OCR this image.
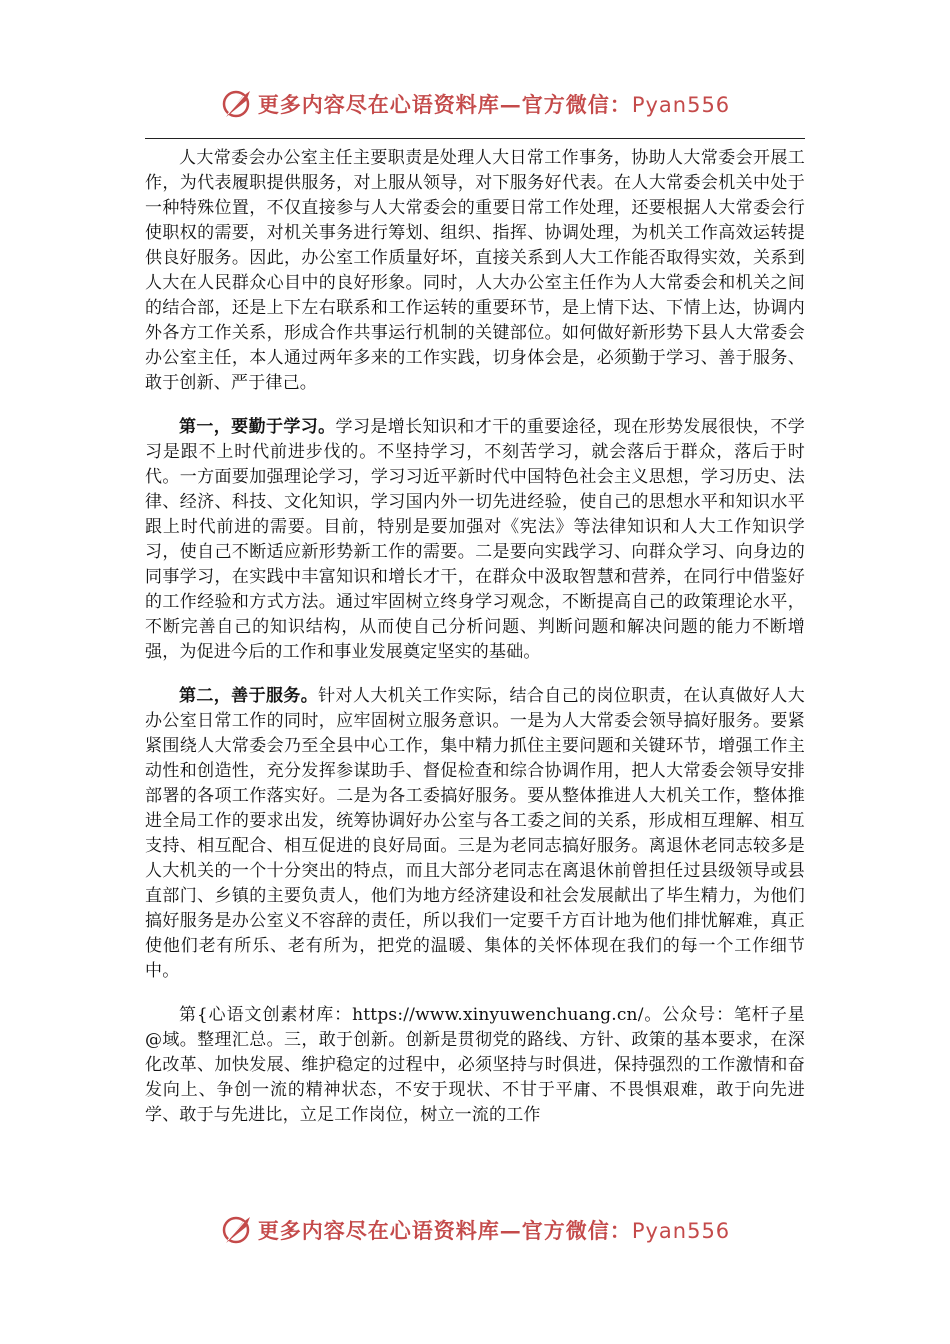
更多内容尽在心语资料库—官方微信：Pyan556

人大常委会办公室主任主要职责是处理人大日常工作事务，协助人大常委会开展工作，为代表履职提供服务，对上服从领导，对下服务好代表。在人大常委会机关中处于一种特殊位置，不仅直接参与人大常委会的重要日常工作处理，还要根据人大常委会行使职权的需要，对机关事务进行筹划、组织、指挥、协调处理，为机关工作高效运转提供良好服务。因此，办公室工作质量好坏，直接关系到人大工作能否取得实效，关系到人大在人民群众心目中的良好形象。同时，人大办公室主任作为人大常委会和机关之间的结合部，还是上下左右联系和工作运转的重要环节，是上情下达、下情上达，协调内外各方工作关系，形成合作共事运行机制的关键部位。如何做好新形势下县人大常委会办公室主任，本人通过两年多来的工作实践，切身体会是，必须勤于学习、善于服务、敢于创新、严于律己。

第一，要勤于学习。学习是增长知识和才干的重要途径，现在形势发展很快，不学习是跟不上时代前进步伐的。不坚持学习，不刻苦学习，就会落后于群众，落后于时代。一方面要加强理论学习，学习习近平新时代中国特色社会主义思想，学习历史、法律、经济、科技、文化知识，学习国内外一切先进经验，使自己的思想水平和知识水平跟上时代前进的需要。目前，特别是要加强对《宪法》等法律知识和人大工作知识学习，使自己不断适应新形势新工作的需要。二是要向实践学习、向群众学习、向身边的同事学习，在实践中丰富知识和增长才干，在群众中汲取智慧和营养，在同行中借鉴好的工作经验和方式方法。通过牢固树立终身学习观念，不断提高自己的政策理论水平，不断完善自己的知识结构，从而使自己分析问题、判断问题和解决问题的能力不断增强，为促进今后的工作和事业发展奠定坚实的基础。

第二，善于服务。针对人大机关工作实际，结合自己的岗位职责，在认真做好人大办公室日常工作的同时，应牢固树立服务意识。一是为人大常委会领导搞好服务。要紧紧围绕人大常委会乃至全县中心工作，集中精力抓住主要问题和关键环节，增强工作主动性和创造性，充分发挥参谋助手、督促检查和综合协调作用，把人大常委会领导安排部署的各项工作落实好。二是为各工委搞好服务。要从整体推进人大机关工作，整体推进全局工作的要求出发，统筹协调好办公室与各工委之间的关系，形成相互理解、相互支持、相互配合、相互促进的良好局面。三是为老同志搞好服务。离退休老同志较多是人大机关的一个十分突出的特点，而且大部分老同志在离退休前曾担任过县级领导或县直部门、乡镇的主要负责人，他们为地方经济建设和社会发展献出了毕生精力，为他们搞好服务是办公室义不容辞的责任，所以我们一定要千方百计地为他们排忧解难，真正使他们老有所乐、老有所为，把党的温暖、集体的关怀体现在我们的每一个工作细节中。

第{心语文创素材库：https://www.xinyuwenchuang.cn/。公众号：笔杆子星@域。整理汇总。三，敢于创新。创新是贯彻党的路线、方针、政策的基本要求，在深化改革、加快发展、维护稳定的过程中，必须坚持与时俱进，保持强烈的工作激情和奋发向上、争创一流的精神状态，不安于现状、不甘于平庸、不畏惧艰难，敢于向先进学、敢于与先进比，立足工作岗位，树立一流的工作

更多内容尽在心语资料库—官方微信：Pyan556
